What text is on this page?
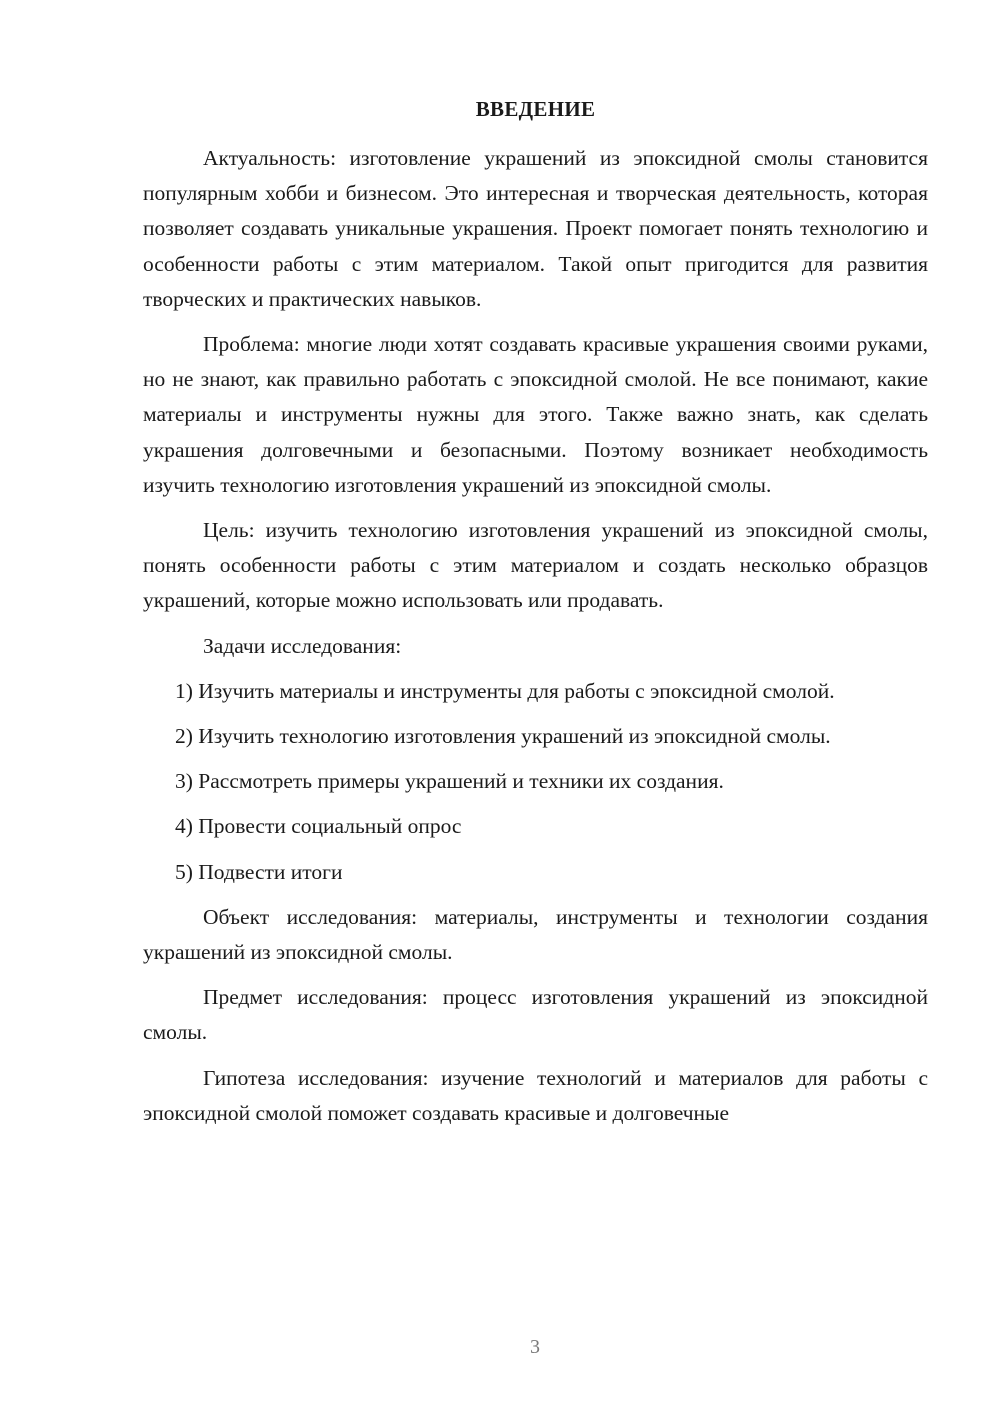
ВВЕДЕНИЕ

Актуальность: изготовление украшений из эпоксидной смолы становится популярным хобби и бизнесом. Это интересная и творческая деятельность, которая позволяет создавать уникальные украшения. Проект помогает понять технологию и особенности работы с этим материалом. Такой опыт пригодится для развития творческих и практических навыков.

Проблема: многие люди хотят создавать красивые украшения своими руками, но не знают, как правильно работать с эпоксидной смолой. Не все понимают, какие материалы и инструменты нужны для этого. Также важно знать, как сделать украшения долговечными и безопасными. Поэтому возникает необходимость изучить технологию изготовления украшений из эпоксидной смолы.

Цель: изучить технологию изготовления украшений из эпоксидной смолы, понять особенности работы с этим материалом и создать несколько образцов украшений, которые можно использовать или продавать.

Задачи исследования:

1) Изучить материалы и инструменты для работы с эпоксидной смолой.

2) Изучить технологию изготовления украшений из эпоксидной смолы.

3) Рассмотреть примеры украшений и техники их создания.

4) Провести социальный опрос

5) Подвести итоги

Объект исследования: материалы, инструменты и технологии создания украшений из эпоксидной смолы.

Предмет исследования: процесс изготовления украшений из эпоксидной смолы.

Гипотеза исследования: изучение технологий и материалов для работы с эпоксидной смолой поможет создавать красивые и долговечные

3
